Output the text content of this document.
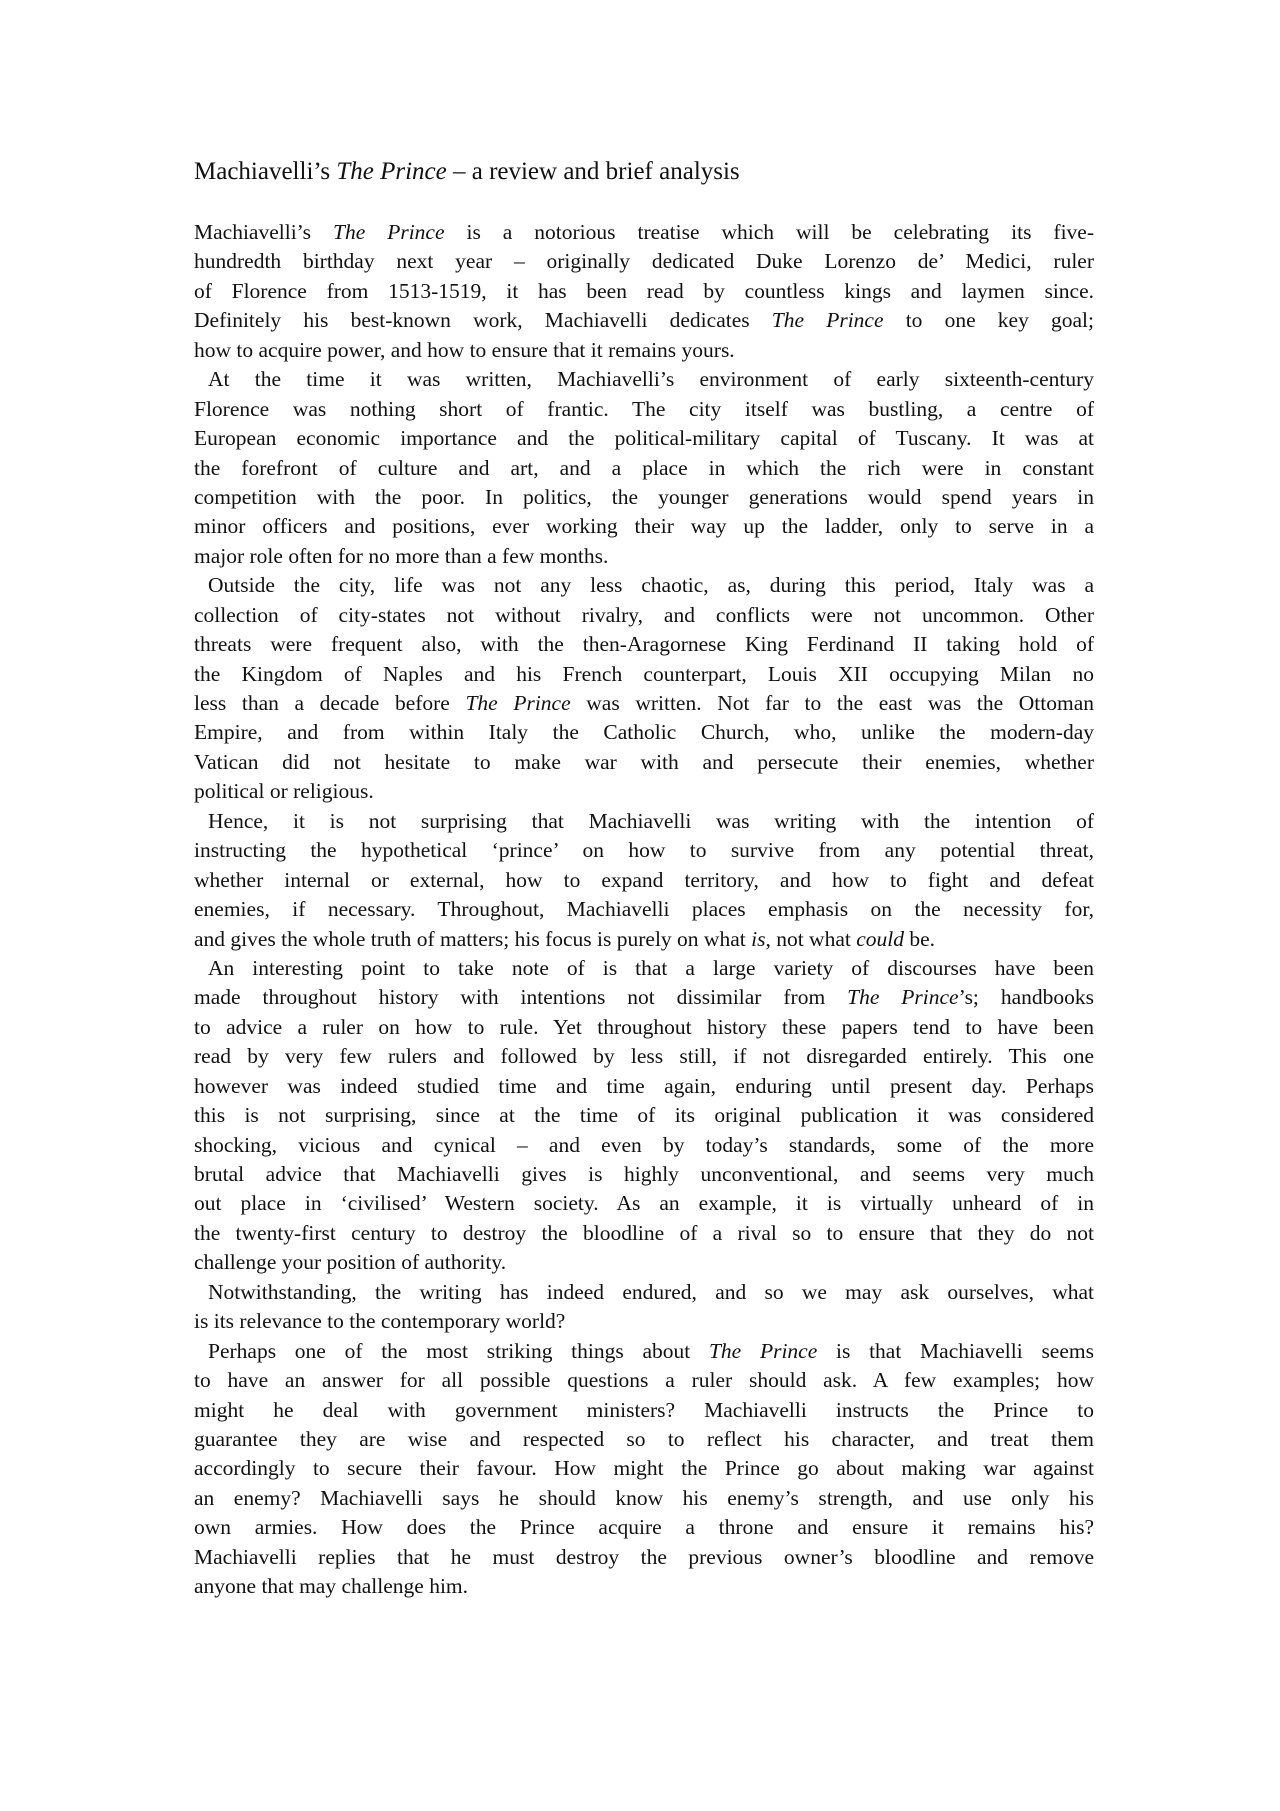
Machiavelli’s The Prince – a review and brief analysis
Machiavelli’s The Prince is a notorious treatise which will be celebrating its five-
hundredth birthday next year – originally dedicated Duke Lorenzo de’ Medici, ruler
of Florence from 1513-1519, it has been read by countless kings and laymen since.
Definitely his best-known work, Machiavelli dedicates The Prince to one key goal;
how to acquire power, and how to ensure that it remains yours.
At the time it was written, Machiavelli’s environment of early sixteenth-century
Florence was nothing short of frantic. The city itself was bustling, a centre of
European economic importance and the political-military capital of Tuscany. It was at
the forefront of culture and art, and a place in which the rich were in constant
competition with the poor. In politics, the younger generations would spend years in
minor officers and positions, ever working their way up the ladder, only to serve in a
major role often for no more than a few months.
Outside the city, life was not any less chaotic, as, during this period, Italy was a
collection of city-states not without rivalry, and conflicts were not uncommon. Other
threats were frequent also, with the then-Aragornese King Ferdinand II taking hold of
the Kingdom of Naples and his French counterpart, Louis XII occupying Milan no
less than a decade before The Prince was written. Not far to the east was the Ottoman
Empire, and from within Italy the Catholic Church, who, unlike the modern-day
Vatican did not hesitate to make war with and persecute their enemies, whether
political or religious.
Hence, it is not surprising that Machiavelli was writing with the intention of
instructing the hypothetical ‘prince’ on how to survive from any potential threat,
whether internal or external, how to expand territory, and how to fight and defeat
enemies, if necessary. Throughout, Machiavelli places emphasis on the necessity for,
and gives the whole truth of matters; his focus is purely on what is, not what could be.
An interesting point to take note of is that a large variety of discourses have been
made throughout history with intentions not dissimilar from The Prince’s; handbooks
to advice a ruler on how to rule. Yet throughout history these papers tend to have been
read by very few rulers and followed by less still, if not disregarded entirely. This one
however was indeed studied time and time again, enduring until present day. Perhaps
this is not surprising, since at the time of its original publication it was considered
shocking, vicious and cynical – and even by today’s standards, some of the more
brutal advice that Machiavelli gives is highly unconventional, and seems very much
out place in ‘civilised’ Western society. As an example, it is virtually unheard of in
the twenty-first century to destroy the bloodline of a rival so to ensure that they do not
challenge your position of authority.
Notwithstanding, the writing has indeed endured, and so we may ask ourselves, what
is its relevance to the contemporary world?
Perhaps one of the most striking things about The Prince is that Machiavelli seems
to have an answer for all possible questions a ruler should ask. A few examples; how
might he deal with government ministers? Machiavelli instructs the Prince to
guarantee they are wise and respected so to reflect his character, and treat them
accordingly to secure their favour. How might the Prince go about making war against
an enemy? Machiavelli says he should know his enemy’s strength, and use only his
own armies. How does the Prince acquire a throne and ensure it remains his?
Machiavelli replies that he must destroy the previous owner’s bloodline and remove
anyone that may challenge him.
